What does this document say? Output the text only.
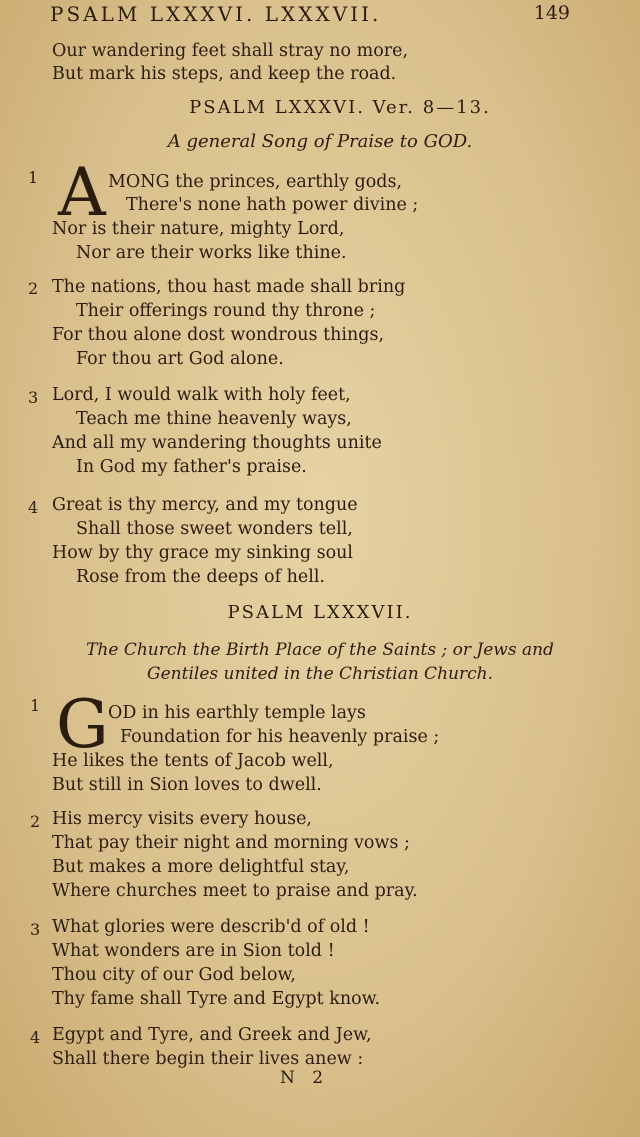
PSALM LXXXVI. LXXXVII.	149
Our wandering feet shall stray no more,
But mark his steps, and keep the road.
PSALM LXXXVI. Ver. 8—13.
A general Song of Praise to GOD.
1 A MONG the princes, earthly gods,
There's none hath power divine ;
Nor is their nature, mighty Lord,
Nor are their works like thine.
2 The nations, thou hast made shall bring
Their offerings round thy throne ;
For thou alone dost wondrous things,
For thou art God alone.
3 Lord, I would walk with holy feet,
Teach me thine heavenly ways,
And all my wandering thoughts unite
In God my father's praise.
4 Great is thy mercy, and my tongue
Shall those sweet wonders tell,
How by thy grace my sinking soul
Rose from the deeps of hell.
PSALM LXXXVII.
The Church the Birth Place of the Saints ; or Jews and
Gentiles united in the Christian Church.
1 G OD in his earthly temple lays
Foundation for his heavenly praise ;
He likes the tents of Jacob well,
But still in Sion loves to dwell.
2 His mercy visits every house,
That pay their night and morning vows ;
But makes a more delightful stay,
Where churches meet to praise and pray.
3 What glories were describ'd of old !
What wonders are in Sion told !
Thou city of our God below,
Thy fame shall Tyre and Egypt know.
4 Egypt and Tyre, and Greek and Jew,
Shall there begin their lives anew :
N 2
